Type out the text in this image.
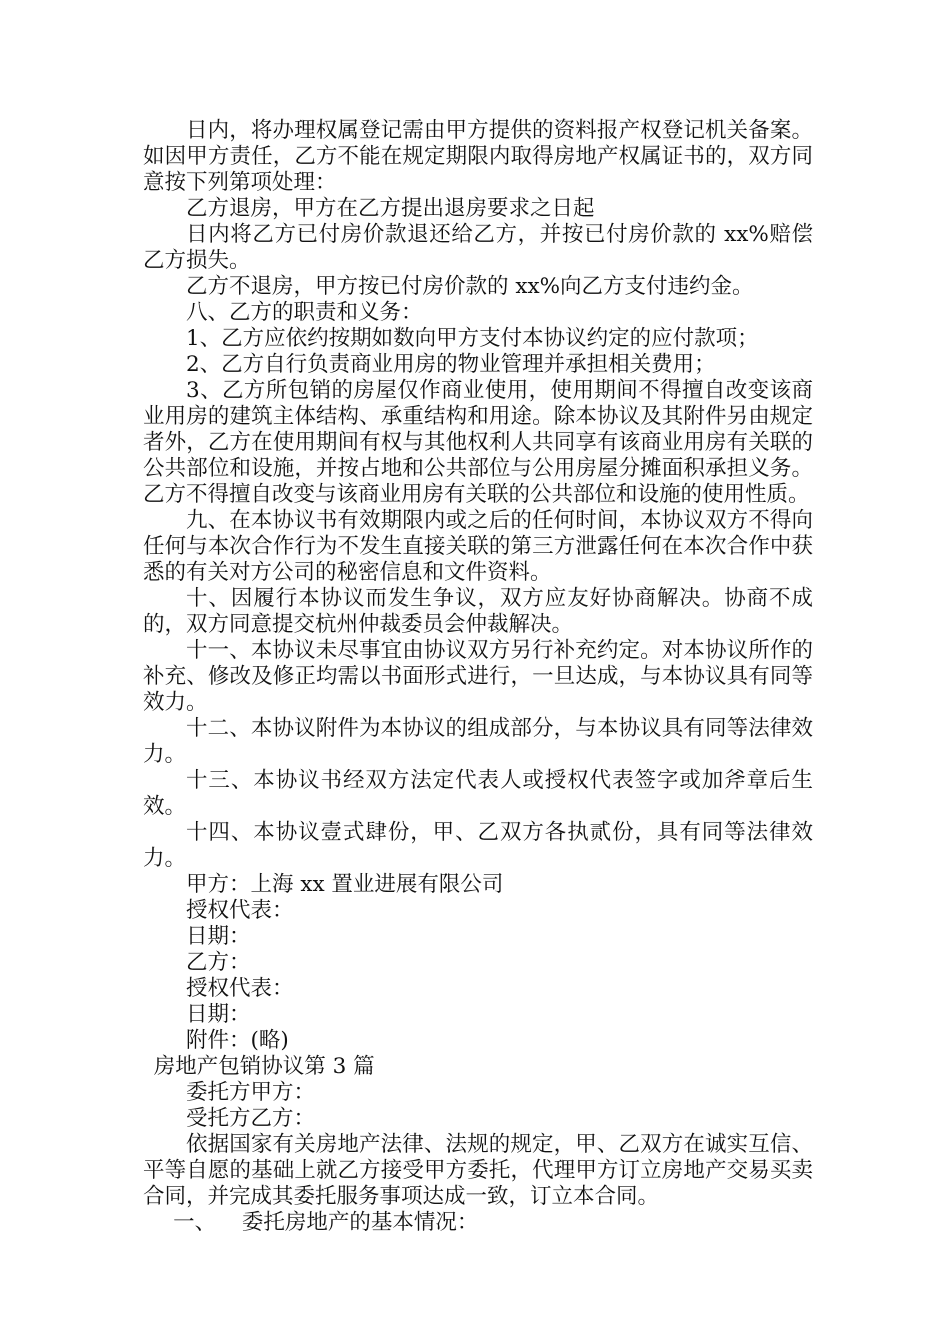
日内，将办理权属登记需由甲方提供的资料报产权登记机关备案。如因甲方责任，乙方不能在规定期限内取得房地产权属证书的，双方同意按下列第项处理：

乙方退房，甲方在乙方提出退房要求之日起

日内将乙方已付房价款退还给乙方，并按已付房价款的 xx%赔偿乙方损失。

乙方不退房，甲方按已付房价款的 xx%向乙方支付违约金。

八、乙方的职责和义务：

1、乙方应依约按期如数向甲方支付本协议约定的应付款项；

2、乙方自行负责商业用房的物业管理并承担相关费用；

3、乙方所包销的房屋仅作商业使用，使用期间不得擅自改变该商业用房的建筑主体结构、承重结构和用途。除本协议及其附件另由规定者外，乙方在使用期间有权与其他权利人共同享有该商业用房有关联的公共部位和设施，并按占地和公共部位与公用房屋分摊面积承担义务。乙方不得擅自改变与该商业用房有关联的公共部位和设施的使用性质。

九、在本协议书有效期限内或之后的任何时间，本协议双方不得向任何与本次合作行为不发生直接关联的第三方泄露任何在本次合作中获悉的有关对方公司的秘密信息和文件资料。

十、因履行本协议而发生争议，双方应友好协商解决。协商不成的，双方同意提交杭州仲裁委员会仲裁解决。

十一、本协议未尽事宜由协议双方另行补充约定。对本协议所作的补充、修改及修正均需以书面形式进行，一旦达成，与本协议具有同等效力。

十二、本协议附件为本协议的组成部分，与本协议具有同等法律效力。

十三、本协议书经双方法定代表人或授权代表签字或加斧章后生效。

十四、本协议壹式肆份，甲、乙双方各执贰份，具有同等法律效力。

甲方：上海 xx 置业进展有限公司

授权代表：

日期：

乙方：

授权代表：

日期：

附件：(略)

房地产包销协议第 3 篇

委托方甲方：

受托方乙方：

依据国家有关房地产法律、法规的规定，甲、乙双方在诚实互信、平等自愿的基础上就乙方接受甲方委托，代理甲方订立房地产交易买卖合同，并完成其委托服务事项达成一致，订立本合同。

一、 委托房地产的基本情况：
